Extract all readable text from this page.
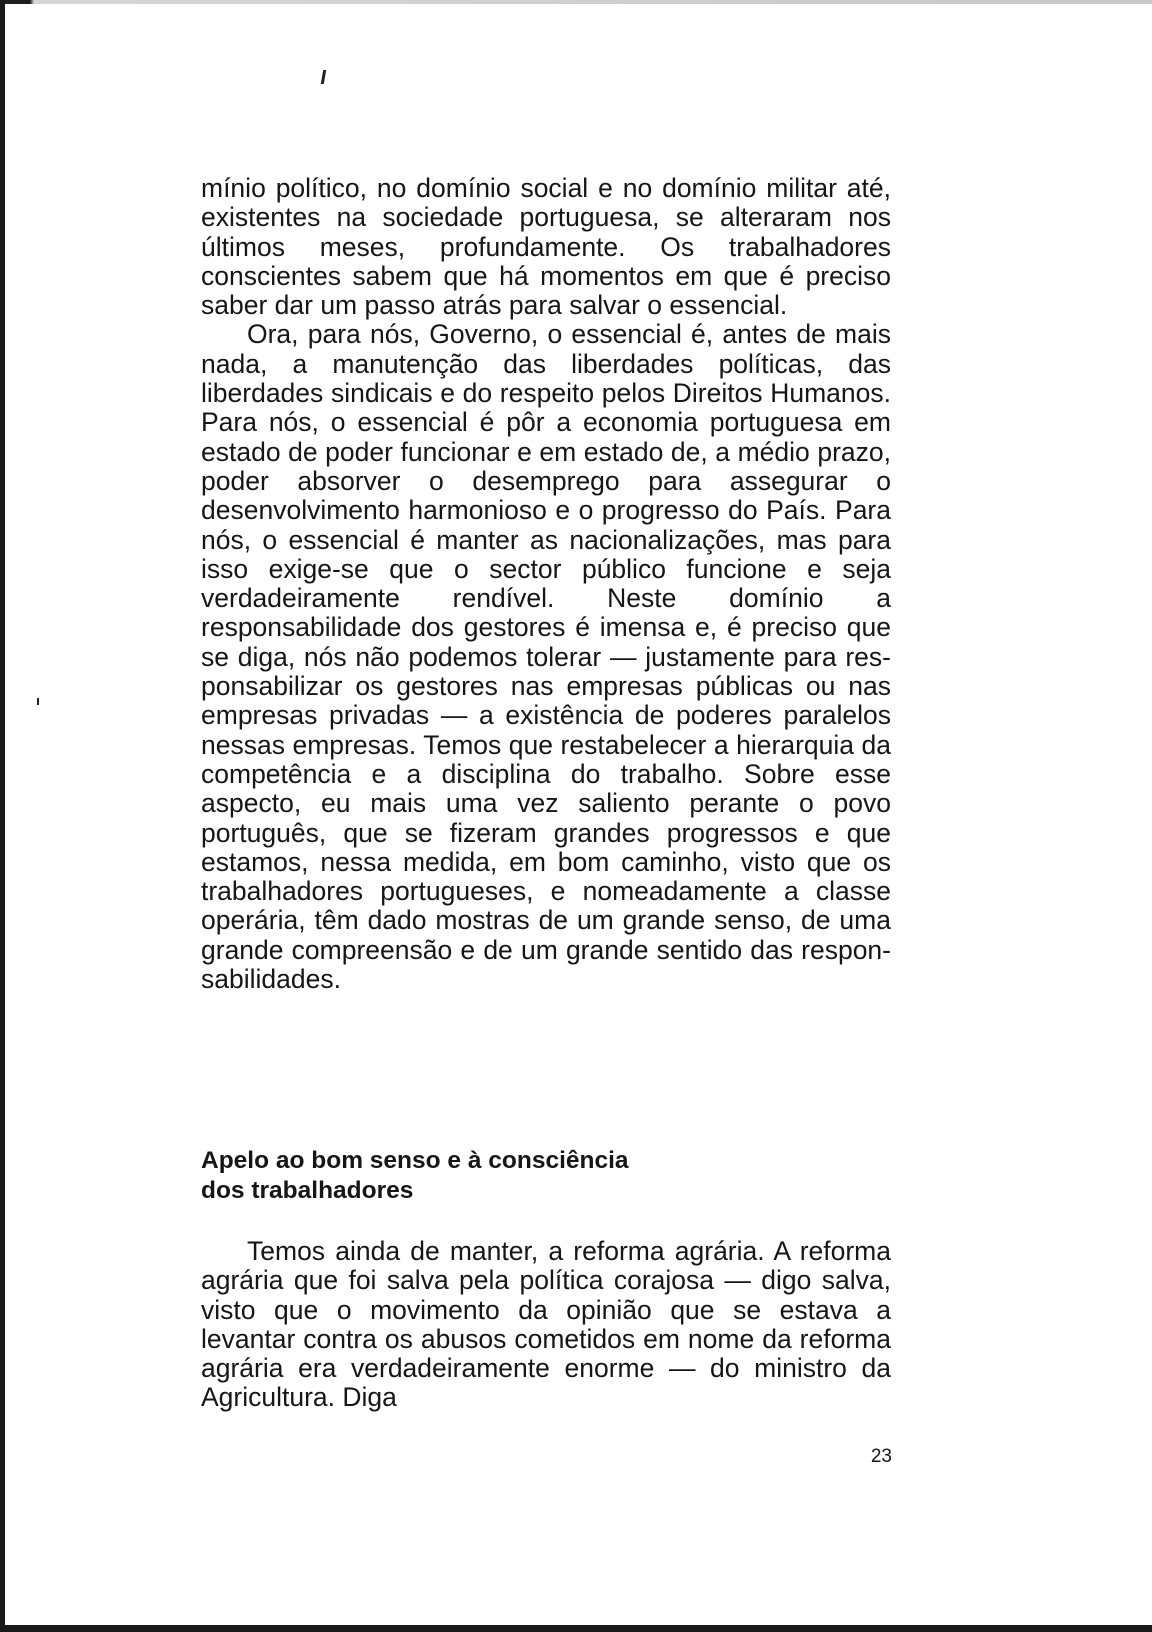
mínio político, no domínio social e no domínio militar até, existentes na sociedade portuguesa, se alteraram nos últimos meses, profundamente. Os trabalhadores conscientes sabem que há momentos em que é preciso saber dar um passo atrás para salvar o essencial.

Ora, para nós, Governo, o essencial é, antes de mais nada, a manutenção das liberdades políticas, das liberdades sindicais e do respeito pelos Direitos Humanos. Para nós, o essencial é pôr a economia portuguesa em estado de poder funcionar e em estado de, a médio prazo, poder absorver o desemprego para assegurar o desenvolvimento harmonioso e o progresso do País. Para nós, o essencial é manter as nacionalizações, mas para isso exige-se que o sector público funcione e seja verdadeiramente rendível. Neste domínio a responsabilidade dos gestores é imensa e, é preciso que se diga, nós não podemos tolerar — justamente para responsabilizar os gestores nas empresas públicas ou nas empresas privadas — a existência de poderes paralelos nessas empresas. Temos que restabelecer a hierarquia da competência e a disciplina do trabalho. Sobre esse aspecto, eu mais uma vez saliento perante o povo português, que se fizeram grandes progressos e que estamos, nessa medida, em bom caminho, visto que os trabalhadores portugueses, e nomeadamente a classe operária, têm dado mostras de um grande senso, de uma grande compreensão e de um grande sentido das responsabilidades.

Apelo ao bom senso e à consciência
dos trabalhadores

Temos ainda de manter, a reforma agrária. A reforma agrária que foi salva pela política corajosa — digo salva, visto que o movimento da opinião que se estava a levantar contra os abusos cometidos em nome da reforma agrária era verdadeiramente enorme — do ministro da Agricultura. Diga

23
